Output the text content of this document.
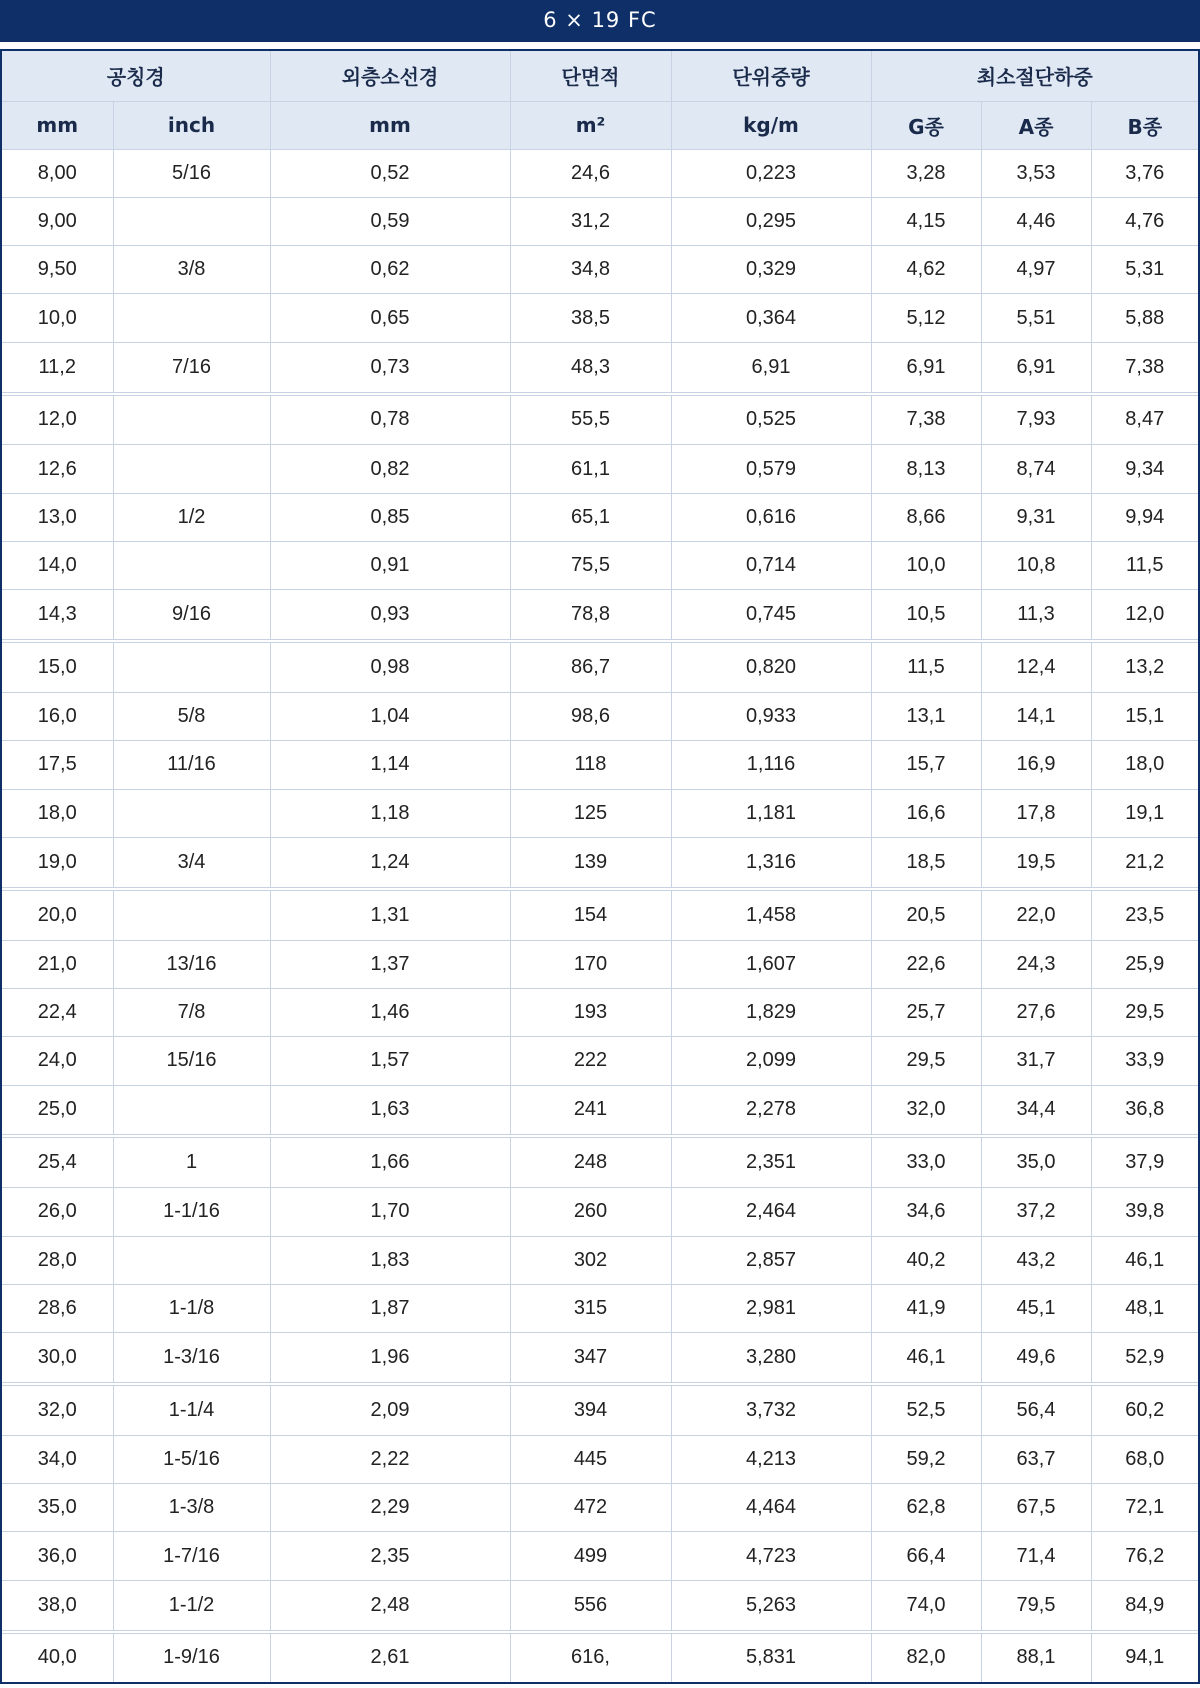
6 × 19 FC
공칭경		외층소선경	단면적	단위중량	최소절단하중		
mm	inch	mm	m²	kg/m	G종	A종	B종
8,00	5/16	0,52	24,6	0,223	3,28	3,53	3,76
9,00		0,59	31,2	0,295	4,15	4,46	4,76
9,50	3/8	0,62	34,8	0,329	4,62	4,97	5,31
10,0		0,65	38,5	0,364	5,12	5,51	5,88
11,2	7/16	0,73	48,3	6,91	6,91	6,91	7,38
12,0		0,78	55,5	0,525	7,38	7,93	8,47
12,6		0,82	61,1	0,579	8,13	8,74	9,34
13,0	1/2	0,85	65,1	0,616	8,66	9,31	9,94
14,0		0,91	75,5	0,714	10,0	10,8	11,5
14,3	9/16	0,93	78,8	0,745	10,5	11,3	12,0
15,0		0,98	86,7	0,820	11,5	12,4	13,2
16,0	5/8	1,04	98,6	0,933	13,1	14,1	15,1
17,5	11/16	1,14	118	1,116	15,7	16,9	18,0
18,0		1,18	125	1,181	16,6	17,8	19,1
19,0	3/4	1,24	139	1,316	18,5	19,5	21,2
20,0		1,31	154	1,458	20,5	22,0	23,5
21,0	13/16	1,37	170	1,607	22,6	24,3	25,9
22,4	7/8	1,46	193	1,829	25,7	27,6	29,5
24,0	15/16	1,57	222	2,099	29,5	31,7	33,9
25,0		1,63	241	2,278	32,0	34,4	36,8
25,4	1	1,66	248	2,351	33,0	35,0	37,9
26,0	1-1/16	1,70	260	2,464	34,6	37,2	39,8
28,0		1,83	302	2,857	40,2	43,2	46,1
28,6	1-1/8	1,87	315	2,981	41,9	45,1	48,1
30,0	1-3/16	1,96	347	3,280	46,1	49,6	52,9
32,0	1-1/4	2,09	394	3,732	52,5	56,4	60,2
34,0	1-5/16	2,22	445	4,213	59,2	63,7	68,0
35,0	1-3/8	2,29	472	4,464	62,8	67,5	72,1
36,0	1-7/16	2,35	499	4,723	66,4	71,4	76,2
38,0	1-1/2	2,48	556	5,263	74,0	79,5	84,9
40,0	1-9/16	2,61	616,	5,831	82,0	88,1	94,1
